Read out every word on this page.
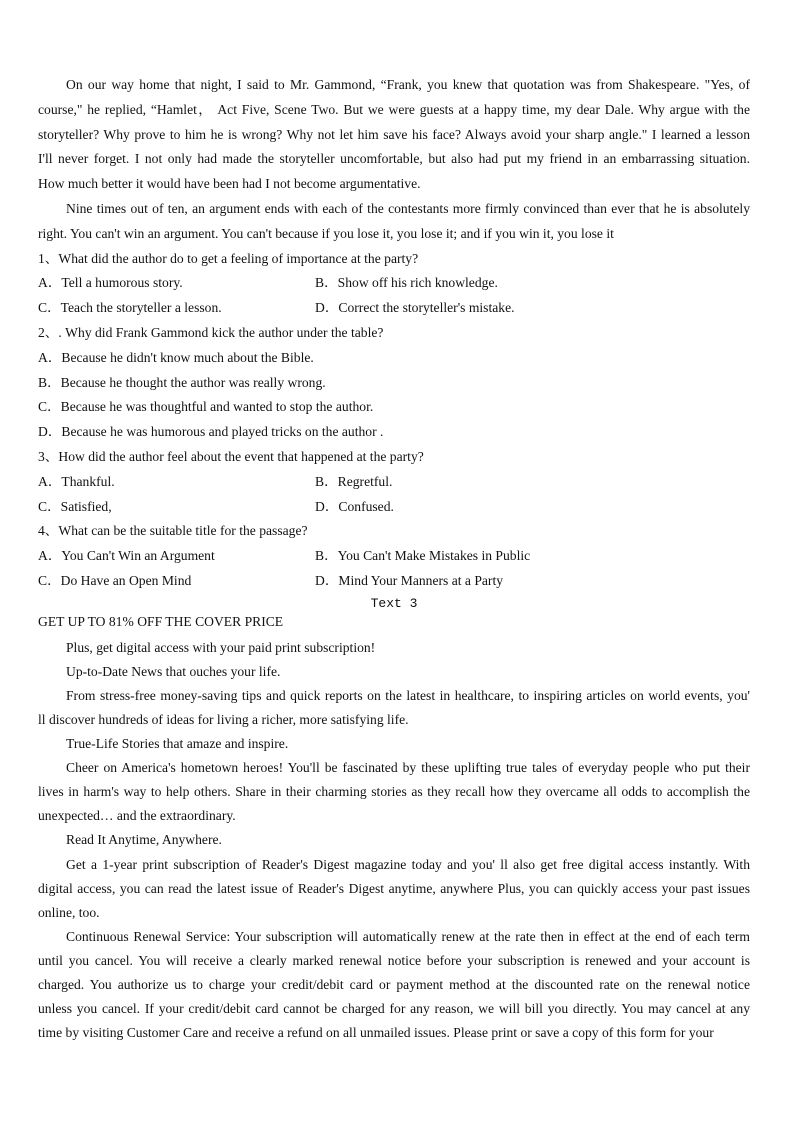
On our way home that night, I said to Mr. Gammond, “Frank, you knew that quotation was from Shakespeare. "Yes, of
course," he replied, “Hamlet， Act Five, Scene Two. But we were guests at a happy time, my dear Dale. Why argue with the
storyteller? Why prove to him he is wrong? Why not let him save his face? Always avoid your sharp angle." I learned a lesson
I'll never forget. I not only had made the storyteller uncomfortable, but also had put my friend in an embarrassing situation.
How much better it would have been had I not become argumentative.
Nine times out of ten, an argument ends with each of the contestants more firmly convinced than ever that he is absolutely
right. You can't win an argument. You can't because if you lose it, you lose it; and if you win it, you lose it
1、What did the author do to get a feeling of importance at the party?
A．Tell a humorous story.	B．Show off his rich knowledge.
C．Teach the storyteller a lesson.	D．Correct the storyteller's mistake.
2、. Why did Frank Gammond kick the author under the table?
A．Because he didn't know much about the Bible.
B．Because he thought the author was really wrong.
C．Because he was thoughtful and wanted to stop the author.
D．Because he was humorous and played tricks on the author .
3、How did the author feel about the event that happened at the party?
A．Thankful.	B．Regretful.
C．Satisfied,	D．Confused.
4、What can be the suitable title for the passage?
A．You Can't Win an Argument	B．You Can't Make Mistakes in Public
C．Do Have an Open Mind	D．Mind Your Manners at a Party
Text 3
GET UP TO 81% OFF THE COVER PRICE
Plus, get digital access with your paid print subscription!
Up-to-Date News that ouches your life.
From stress-free money-saving tips and quick reports on the latest in healthcare, to inspiring articles on world events, you'
ll discover hundreds of ideas for living a richer, more satisfying life.
True-Life Stories that amaze and inspire.
Cheer on America's hometown heroes! You'll be fascinated by these uplifting true tales of everyday people who put their
lives in harm's way to help others. Share in their charming stories as they recall how they overcame all odds to accomplish the
unexpected… and the extraordinary.
Read It Anytime, Anywhere.
Get a 1-year print subscription of Reader's Digest magazine today and you' ll also get free digital access instantly. With
digital access, you can read the latest issue of Reader's Digest anytime, anywhere Plus, you can quickly access your past issues
online, too.
Continuous Renewal Service: Your subscription will automatically renew at the rate then in effect at the end of each term
until you cancel. You will receive a clearly marked renewal notice before your subscription is renewed and your account is
charged. You authorize us to charge your credit/debit card or payment method at the discounted rate on the renewal notice
unless you cancel. If your credit/debit card cannot be charged for any reason, we will bill you directly. You may cancel at any
time by visiting Customer Care and receive a refund on all unmailed issues. Please print or save a copy of this form for your
